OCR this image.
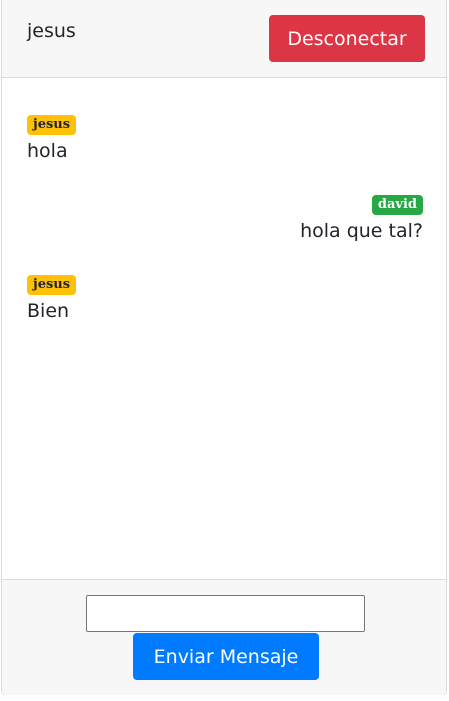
jesus	Desconectar
jesus
hola
david
hola que tal?
jesus
Bien
Enviar Mensaje
